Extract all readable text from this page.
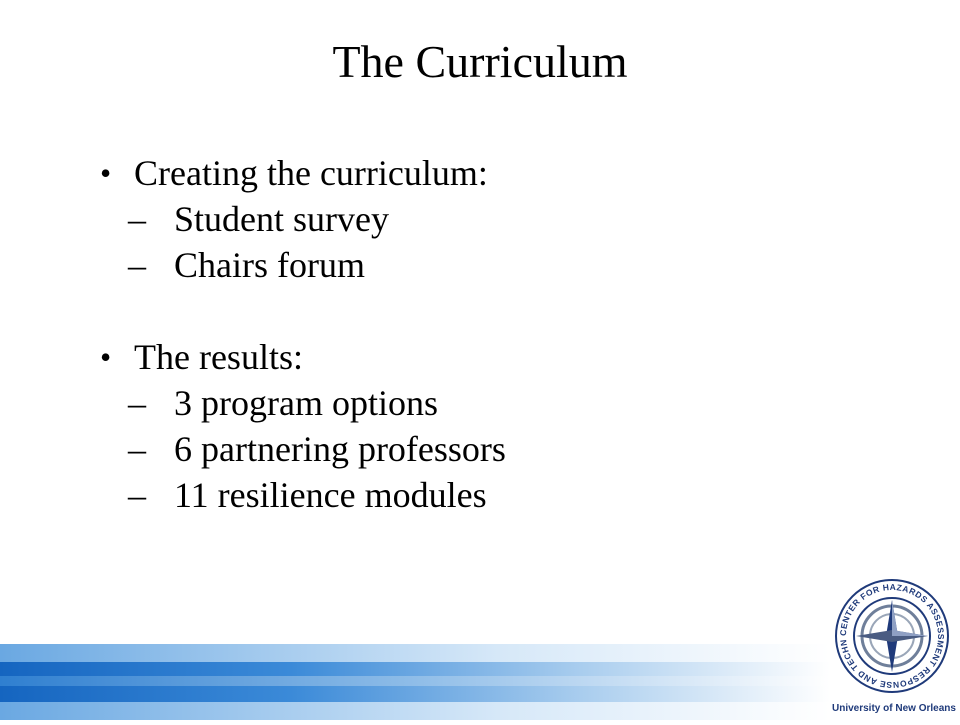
The Curriculum
• Creating the curriculum:
– Student survey
– Chairs forum
• The results:
– 3 program options
– 6 partnering professors
– 11 resilience modules
CENTER FOR HAZARDS ASSESSMENT RESPONSE AND TECHN
University of New Orleans
